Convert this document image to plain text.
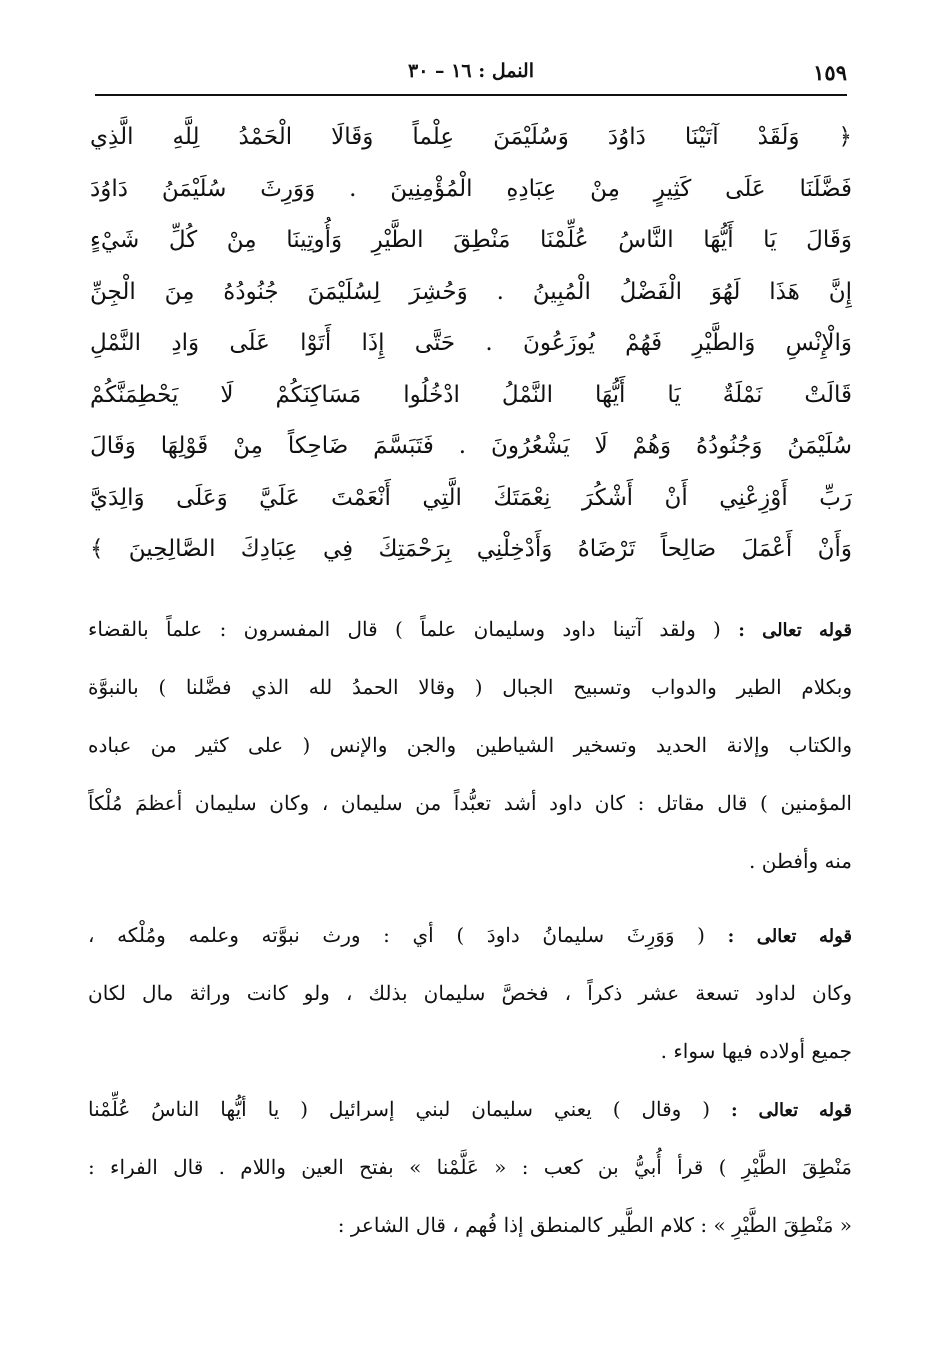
١٥٩
النمل : ١٦ – ٣٠
﴿ وَلَقَدْ آتَيْنَا دَاوُدَ وَسُلَيْمَنَ عِلْماً وَقَالَا الْحَمْدُ لِلَّهِ الَّذِي
فَضَّلَنَا عَلَى كَثِيرٍ مِنْ عِبَادِهِ الْمُؤْمِنِينَ . وَوَرِثَ سُلَيْمَنُ دَاوُدَ
وَقَالَ يَا أَيُّهَا النَّاسُ عُلِّمْنَا مَنْطِقَ الطَّيْرِ وَأُوتِينَا مِنْ كُلِّ شَيْءٍ
إِنَّ هَذَا لَهُوَ الْفَضْلُ الْمُبِينُ . وَحُشِرَ لِسُلَيْمَنَ جُنُودُهُ مِنَ الْجِنِّ
وَالْإِنْسِ وَالطَّيْرِ فَهُمْ يُوزَعُونَ . حَتَّى إِذَا أَتَوْا عَلَى وَادِ النَّمْلِ
قَالَتْ نَمْلَةٌ يَا أَيُّهَا النَّمْلُ ادْخُلُوا مَسَاكِنَكُمْ لَا يَحْطِمَنَّكُمْ
سُلَيْمَنُ وَجُنُودُهُ وَهُمْ لَا يَشْعُرُونَ . فَتَبَسَّمَ ضَاحِكاً مِنْ قَوْلِهَا وَقَالَ
رَبِّ أَوْزِعْنِي أَنْ أَشْكُرَ نِعْمَتَكَ الَّتِي أَنْعَمْتَ عَلَيَّ وَعَلَى وَالِدَيَّ
وَأَنْ أَعْمَلَ صَالِحاً تَرْضَاهُ وَأَدْخِلْنِي بِرَحْمَتِكَ فِي عِبَادِكَ الصَّالِحِينَ ﴾
قوله تعالى : ( ولقد آتينا داود وسليمان علماً ) قال المفسرون : علماً بالقضاء
وبكلام الطير والدواب وتسبيح الجبال ( وقالا الحمدُ لله الذي فضَّلنا ) بالنبوَّة
والكتاب وإلانة الحديد وتسخير الشياطين والجن والإنس ( على كثير من عباده
المؤمنين ) قال مقاتل : كان داود أشد تعبُّداً من سليمان ، وكان سليمان أعظمَ مُلْكاً
منه وأفطن .
قوله تعالى : ( وَوَرِثَ سليمانُ داودَ ) أي : ورث نبوَّته وعلمه ومُلْكه ،
وكان لداود تسعة عشر ذكراً ، فخصَّ سليمان بذلك ، ولو كانت وراثة مال لكان
جميع أولاده فيها سواء .
قوله تعالى : ( وقال ) يعني سليمان لبني إسرائيل ( يا أيُّها الناسُ عُلِّمْنا
مَنْطِقَ الطَّيْرِ ) قرأ أُبيُّ بن كعب : « عَلَّمْنا » بفتح العين واللام . قال الفراء :
« مَنْطِقَ الطَّيْرِ » : كلام الطَّير كالمنطق إذا فُهم ، قال الشاعر :
